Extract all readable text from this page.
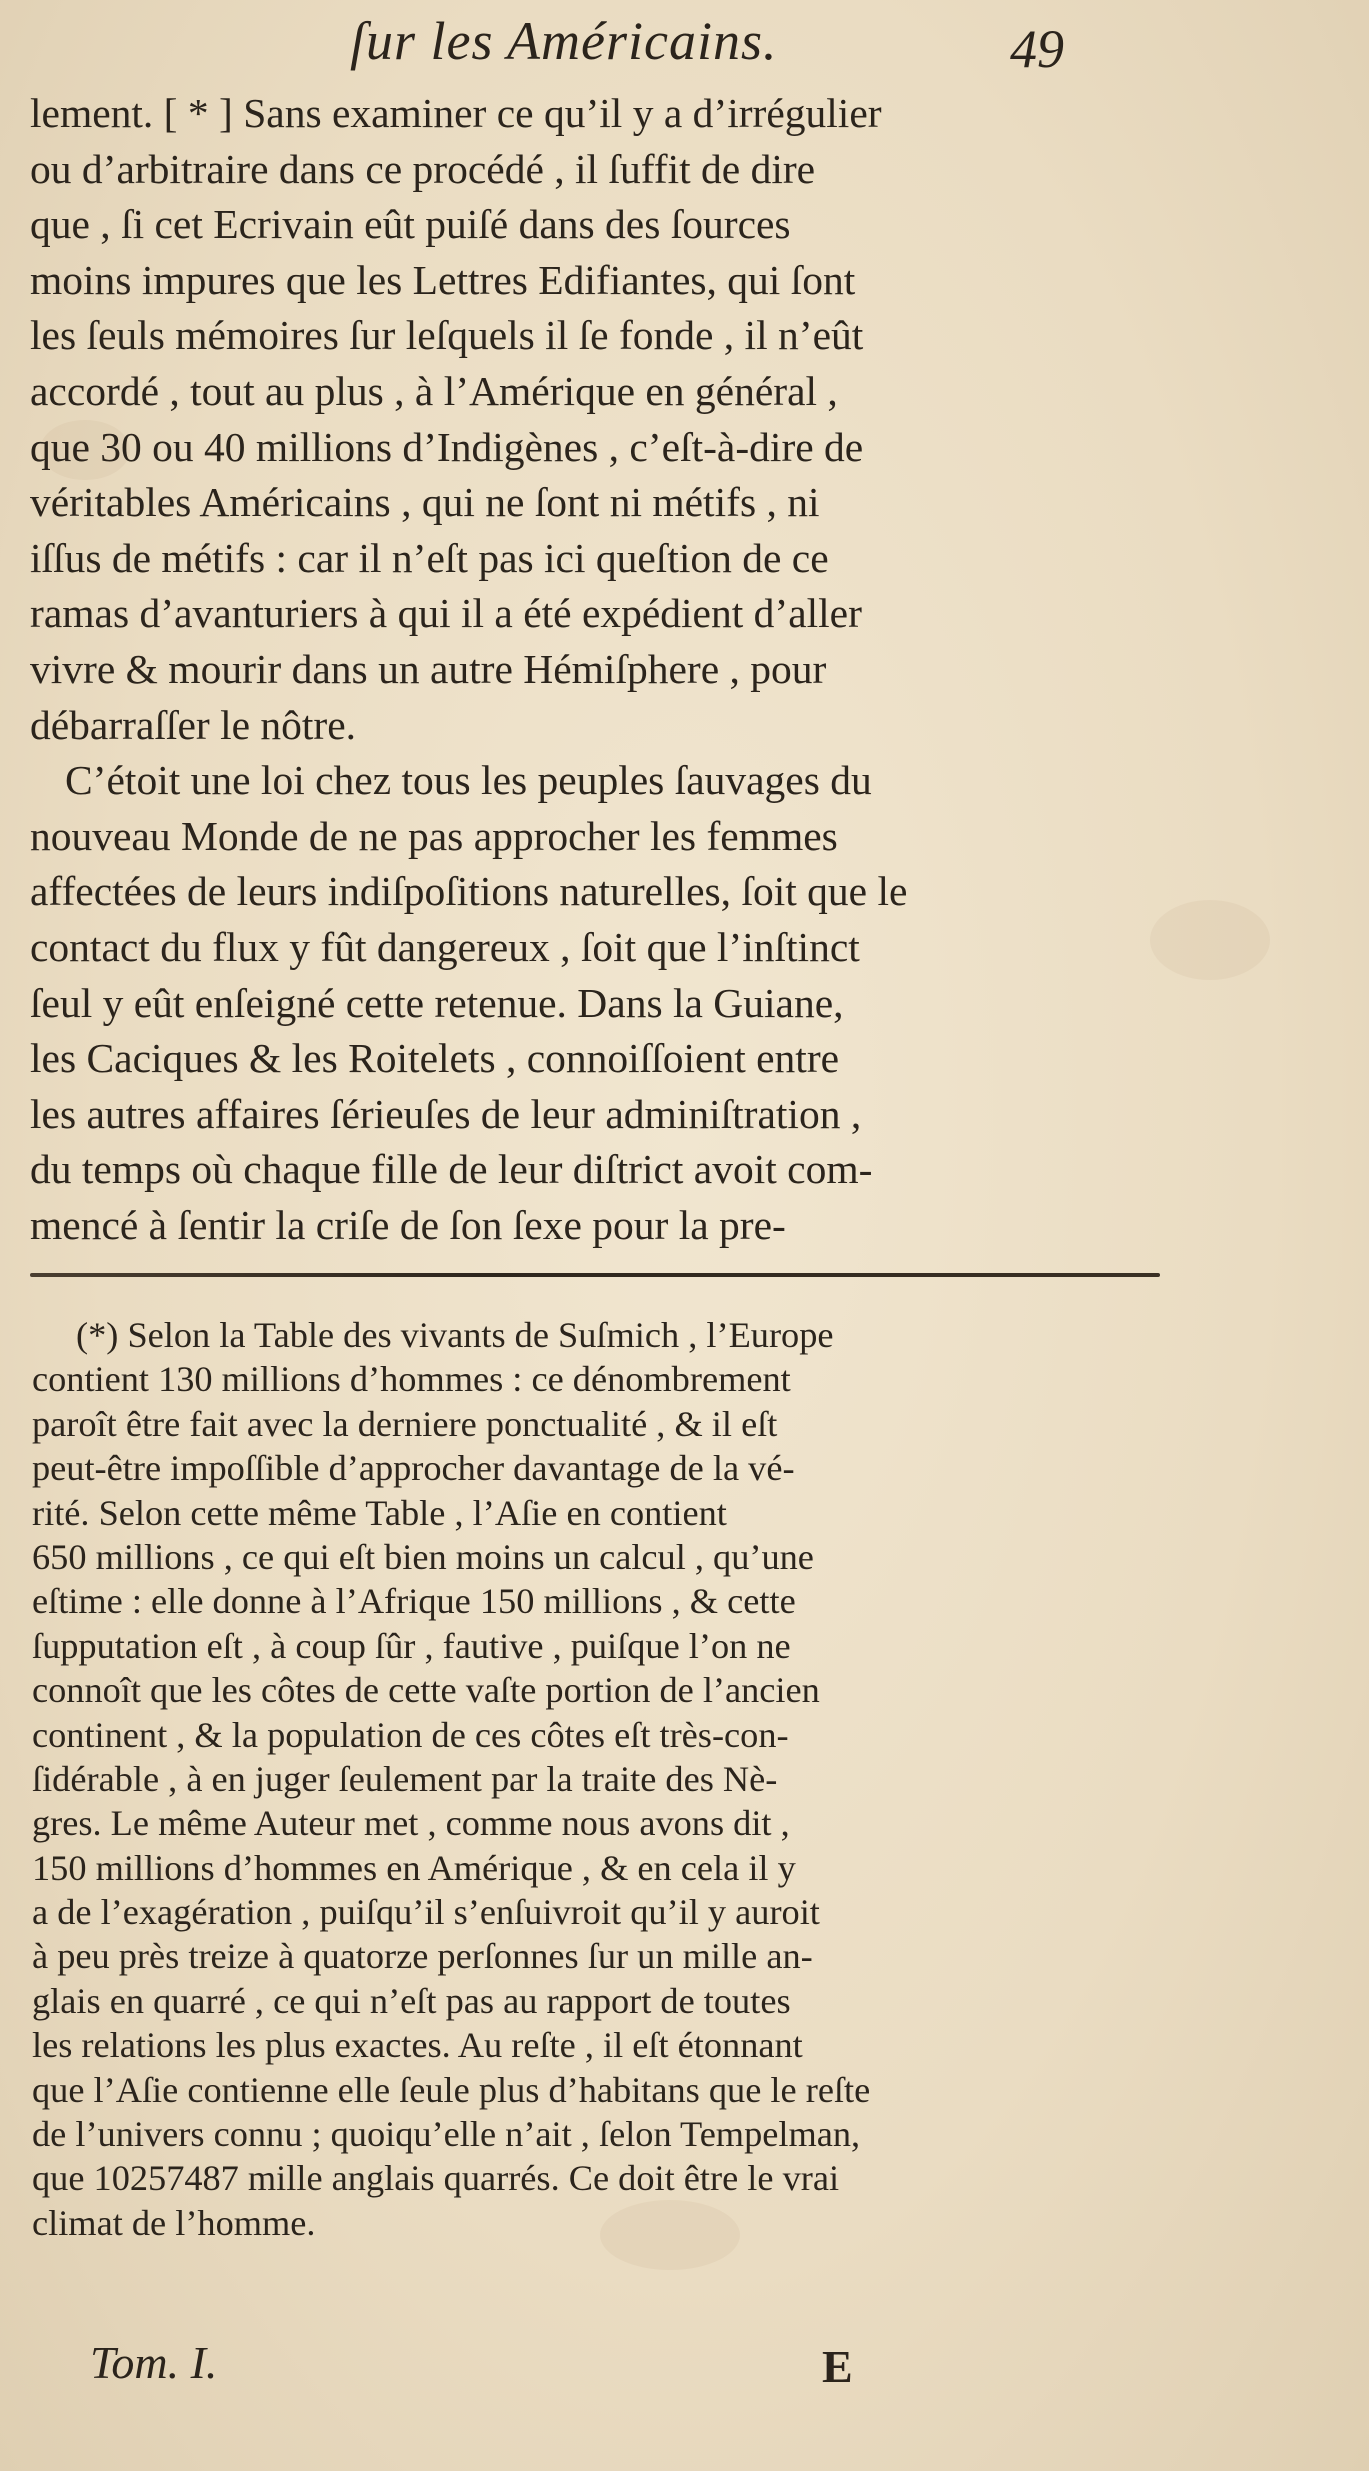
ſur les Américains.	49
lement. [ * ] Sans examiner ce qu’il y a d’irrégulier
ou d’arbitraire dans ce procédé , il ſuffit de dire
que , ſi cet Ecrivain eût puiſé dans des ſources
moins impures que les Lettres Edifiantes, qui ſont
les ſeuls mémoires ſur leſquels il ſe fonde , il n’eût
accordé , tout au plus , à l’Amérique en général ,
que 30 ou 40 millions d’Indigènes , c’eſt-à-dire de
véritables Américains , qui ne ſont ni métifs , ni
iſſus de métifs : car il n’eſt pas ici queſtion de ce
ramas d’avanturiers à qui il a été expédient d’aller
vivre & mourir dans un autre Hémiſphere , pour
débarraſſer le nôtre.
C’étoit une loi chez tous les peuples ſauvages du
nouveau Monde de ne pas approcher les femmes
affectées de leurs indiſpoſitions naturelles, ſoit que le
contact du flux y fût dangereux , ſoit que l’inſtinct
ſeul y eût enſeigné cette retenue. Dans la Guiane,
les Caciques & les Roitelets , connoiſſoient entre
les autres affaires ſérieuſes de leur adminiſtration ,
du temps où chaque fille de leur diſtrict avoit com-
mencé à ſentir la criſe de ſon ſexe pour la pre-
(*) Selon la Table des vivants de Suſmich , l’Europe
contient 130 millions d’hommes : ce dénombrement
paroît être fait avec la derniere ponctualité , & il eſt
peut-être impoſſible d’approcher davantage de la vé-
rité. Selon cette même Table , l’Aſie en contient
650 millions , ce qui eſt bien moins un calcul , qu’une
eſtime : elle donne à l’Afrique 150 millions , & cette
ſupputation eſt , à coup ſûr , fautive , puiſque l’on ne
connoît que les côtes de cette vaſte portion de l’ancien
continent , & la population de ces côtes eſt très-con-
ſidérable , à en juger ſeulement par la traite des Nè-
gres. Le même Auteur met , comme nous avons dit ,
150 millions d’hommes en Amérique , & en cela il y
a de l’exagération , puiſqu’il s’enſuivroit qu’il y auroit
à peu près treize à quatorze perſonnes ſur un mille an-
glais en quarré , ce qui n’eſt pas au rapport de toutes
les relations les plus exactes. Au reſte , il eſt étonnant
que l’Aſie contienne elle ſeule plus d’habitans que le reſte
de l’univers connu ; quoiqu’elle n’ait , ſelon Tempelman,
que 10257487 mille anglais quarrés. Ce doit être le vrai
climat de l’homme.
Tom. I.	E
